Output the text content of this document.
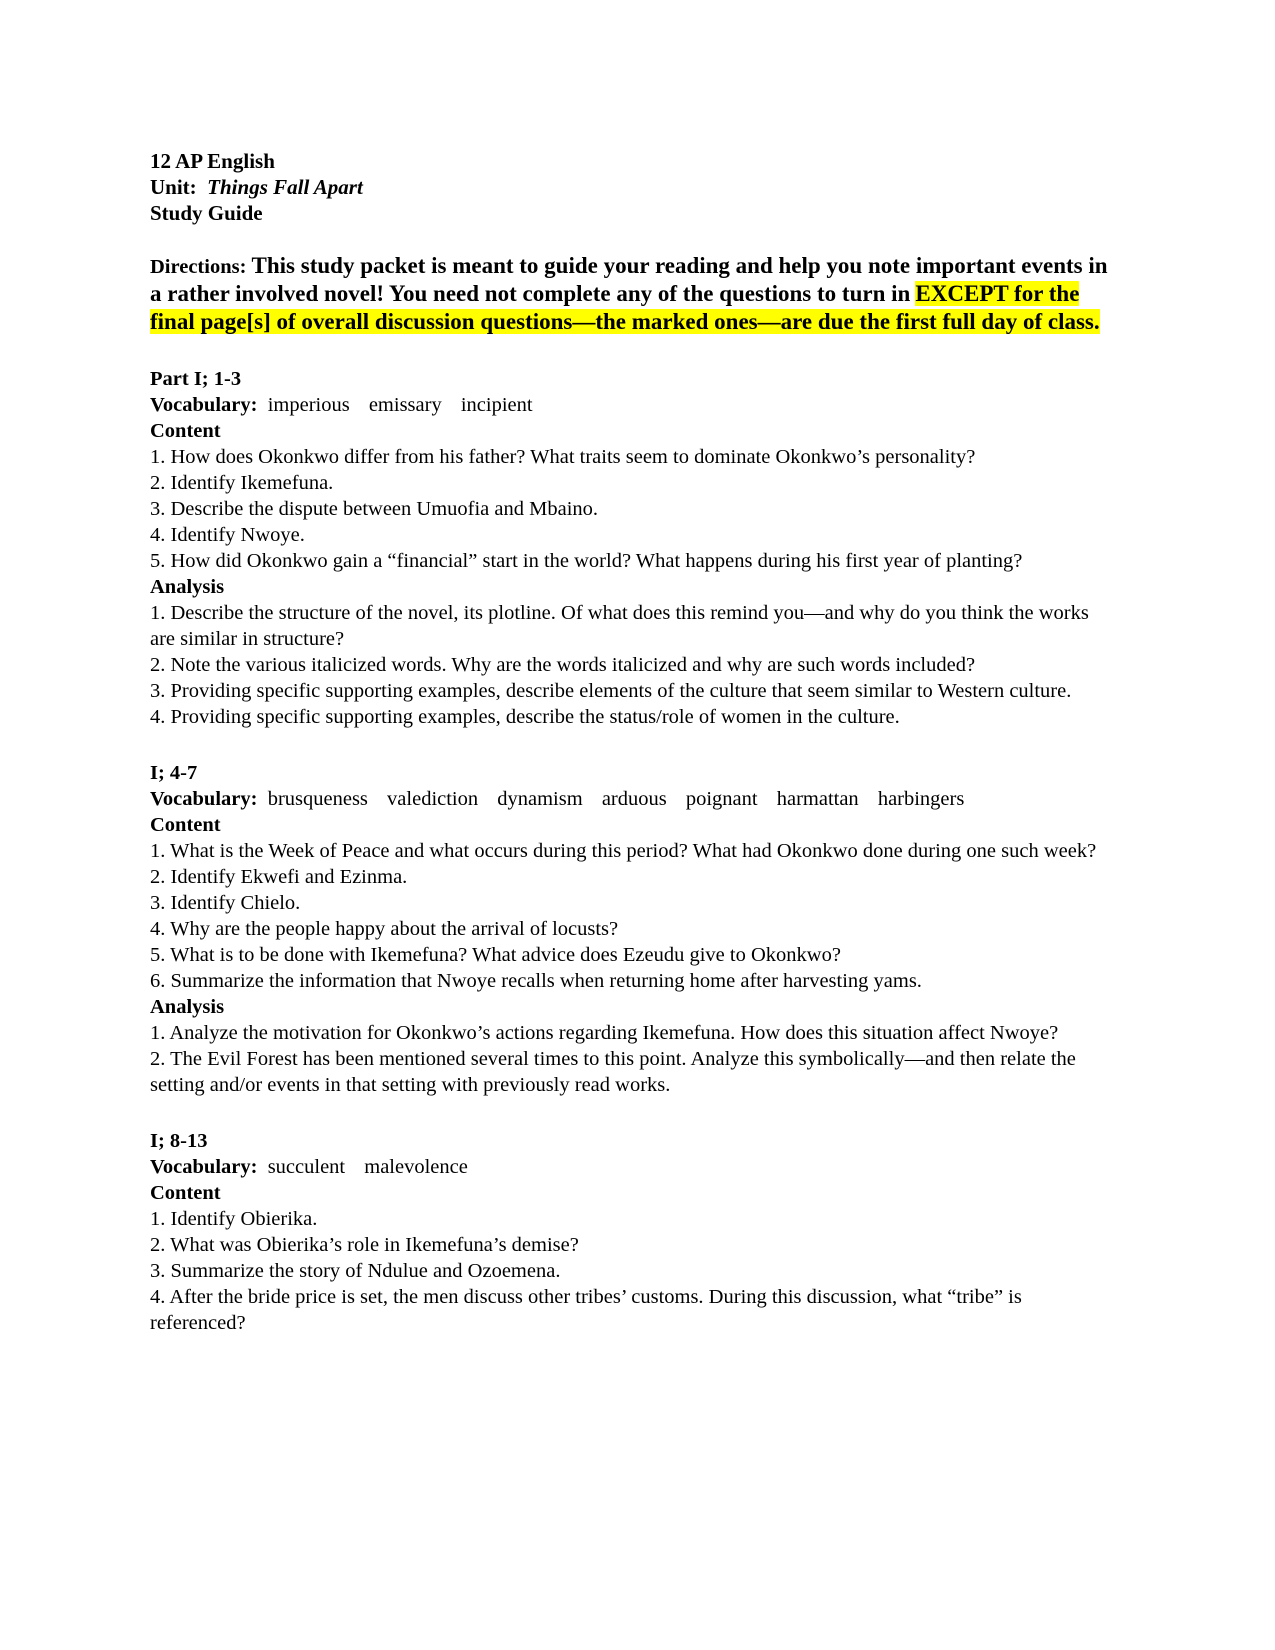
12 AP English
Unit: Things Fall Apart
Study Guide
Directions: This study packet is meant to guide your reading and help you note important events in a rather involved novel! You need not complete any of the questions to turn in EXCEPT for the final page[s] of overall discussion questions—the marked ones—are due the first full day of class.
Part I; 1-3
Vocabulary: imperious emissary incipient
Content

1. How does Okonkwo differ from his father? What traits seem to dominate Okonkwo’s personality?

2. Identify Ikemefuna.

3. Describe the dispute between Umuofia and Mbaino.

4. Identify Nwoye.

5. How did Okonkwo gain a “financial” start in the world? What happens during his first year of planting?

Analysis

1. Describe the structure of the novel, its plotline. Of what does this remind you—and why do you think the works are similar in structure?

2. Note the various italicized words. Why are the words italicized and why are such words included?

3. Providing specific supporting examples, describe elements of the culture that seem similar to Western culture.

4. Providing specific supporting examples, describe the status/role of women in the culture.

I; 4-7
Vocabulary: brusqueness valediction dynamism arduous poignant harmattan harbingers
Content

1. What is the Week of Peace and what occurs during this period? What had Okonkwo done during one such week?

2. Identify Ekwefi and Ezinma.

3. Identify Chielo.

4. Why are the people happy about the arrival of locusts?

5. What is to be done with Ikemefuna? What advice does Ezeudu give to Okonkwo?

6. Summarize the information that Nwoye recalls when returning home after harvesting yams.

Analysis

1. Analyze the motivation for Okonkwo’s actions regarding Ikemefuna. How does this situation affect Nwoye?

2. The Evil Forest has been mentioned several times to this point. Analyze this symbolically—and then relate the setting and/or events in that setting with previously read works.

I; 8-13
Vocabulary: succulent malevolence
Content

1. Identify Obierika.

2. What was Obierika’s role in Ikemefuna’s demise?

3. Summarize the story of Ndulue and Ozoemena.

4. After the bride price is set, the men discuss other tribes’ customs. During this discussion, what “tribe” is referenced?
